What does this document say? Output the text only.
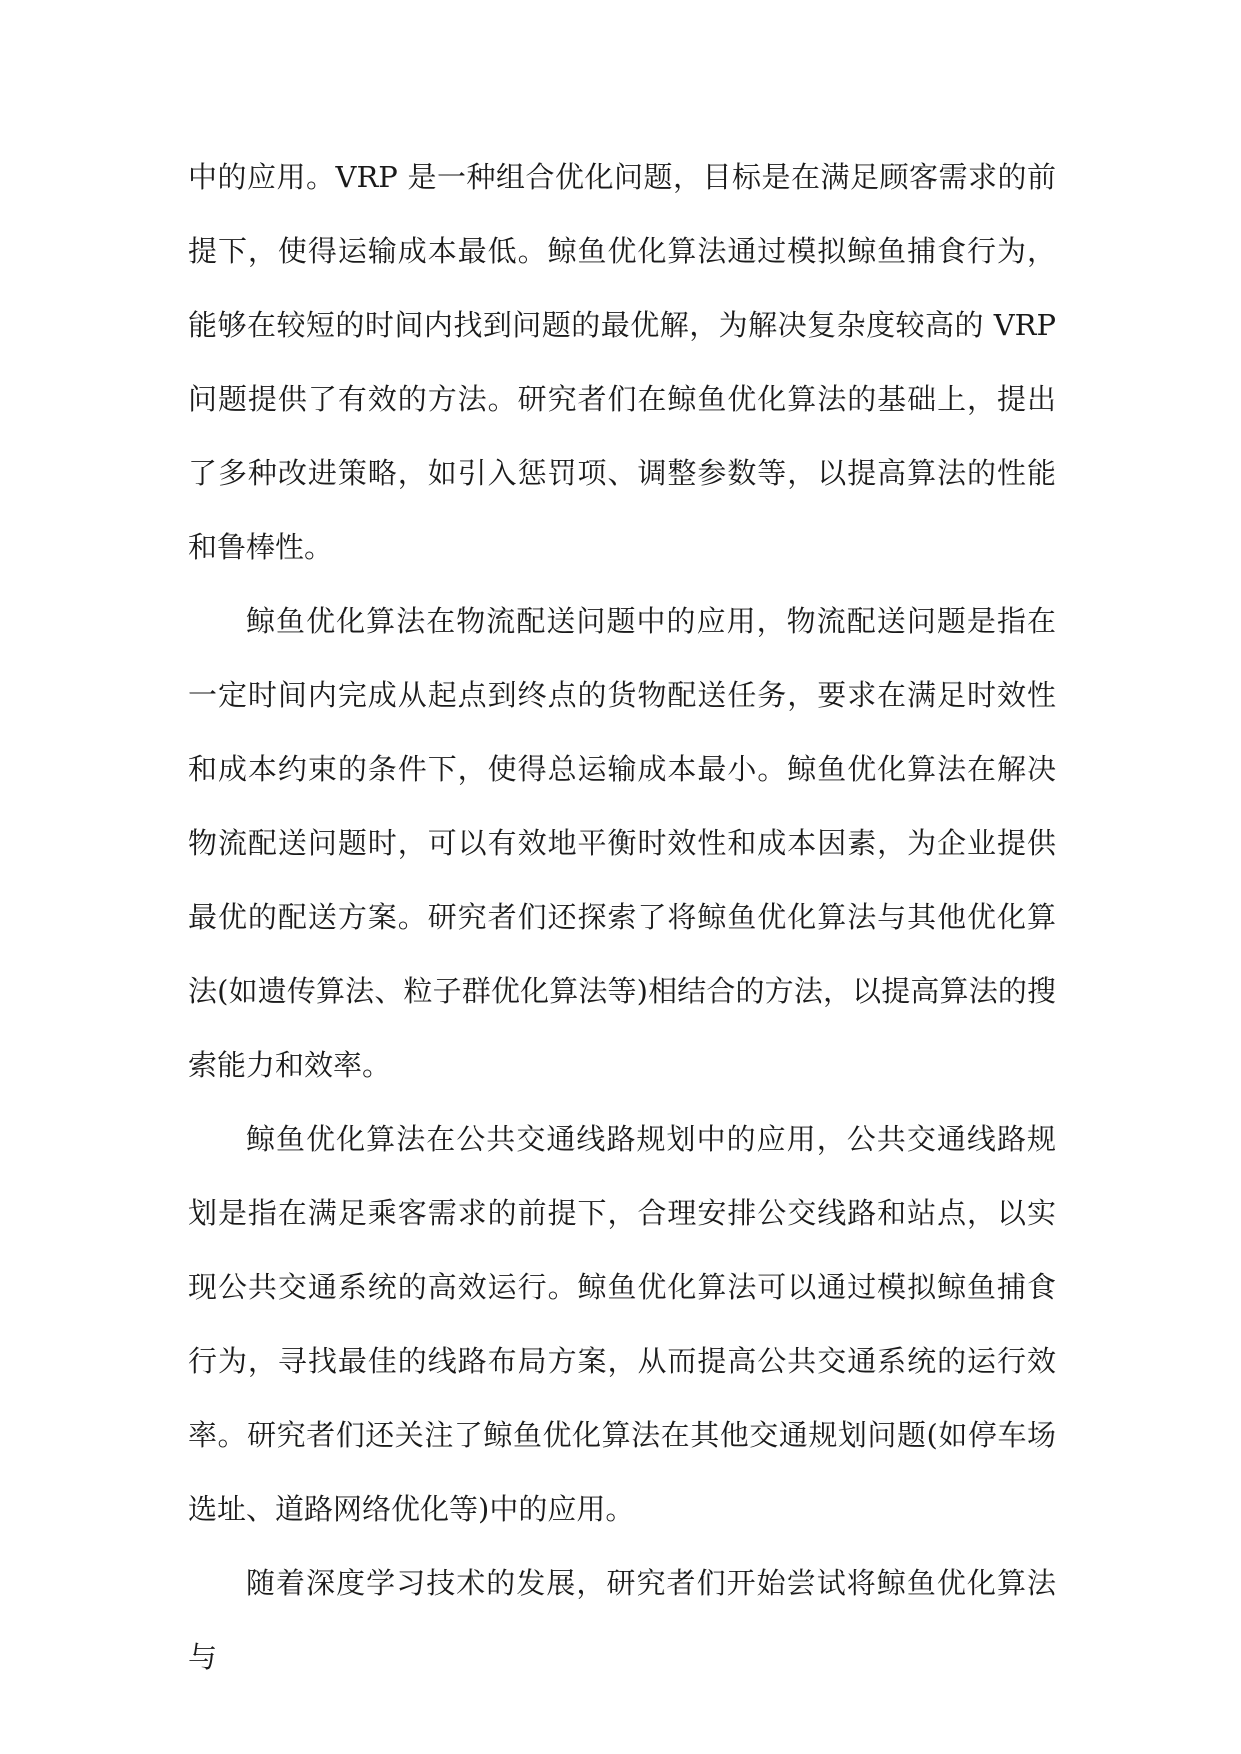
中的应用。VRP 是一种组合优化问题，目标是在满足顾客需求的前提下，使得运输成本最低。鲸鱼优化算法通过模拟鲸鱼捕食行为，能够在较短的时间内找到问题的最优解，为解决复杂度较高的 VRP 问题提供了有效的方法。研究者们在鲸鱼优化算法的基础上，提出了多种改进策略，如引入惩罚项、调整参数等，以提高算法的性能和鲁棒性。

鲸鱼优化算法在物流配送问题中的应用，物流配送问题是指在一定时间内完成从起点到终点的货物配送任务，要求在满足时效性和成本约束的条件下，使得总运输成本最小。鲸鱼优化算法在解决物流配送问题时，可以有效地平衡时效性和成本因素，为企业提供最优的配送方案。研究者们还探索了将鲸鱼优化算法与其他优化算法(如遗传算法、粒子群优化算法等)相结合的方法，以提高算法的搜索能力和效率。

鲸鱼优化算法在公共交通线路规划中的应用，公共交通线路规划是指在满足乘客需求的前提下，合理安排公交线路和站点，以实现公共交通系统的高效运行。鲸鱼优化算法可以通过模拟鲸鱼捕食行为，寻找最佳的线路布局方案，从而提高公共交通系统的运行效率。研究者们还关注了鲸鱼优化算法在其他交通规划问题(如停车场选址、道路网络优化等)中的应用。

随着深度学习技术的发展，研究者们开始尝试将鲸鱼优化算法与
